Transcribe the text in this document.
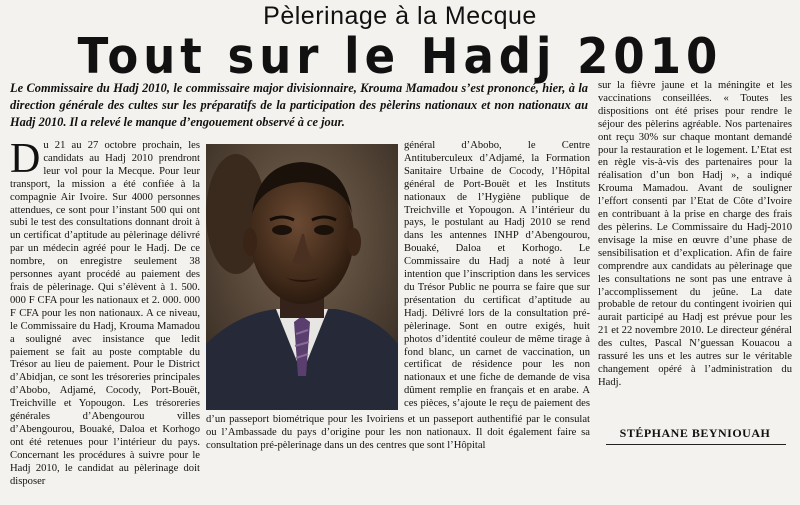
Pèlerinage à la Mecque
Tout sur le Hadj 2010
Le Commissaire du Hadj 2010, le commissaire major divisionnaire, Krouma Mamadou s’est prononcé, hier, à la direction générale des cultes sur les préparatifs de la participation des pèlerins nationaux et non nationaux au Hadj 2010. Il a relevé le manque d’engouement observé à ce jour.
Du 21 au 27 octobre prochain, les candidats au Hadj 2010 prendront leur vol pour la Mecque. Pour leur transport, la mission a été confiée à la compagnie Air Ivoire. Sur 4000 personnes attendues, ce sont pour l’instant 500 qui ont subi le test des consultations donnant droit à un certificat d’aptitude au pèlerinage délivré par un médecin agréé pour le Hadj. De ce nombre, on enregistre seulement 38 personnes ayant procédé au paiement des frais de pèlerinage. Qui s’élèvent à 1. 500. 000 F CFA pour les nationaux et 2. 000. 000 F CFA pour les non nationaux. A ce niveau, le Commissaire du Hadj, Krouma Mamadou a souligné avec insistance que ledit paiement se fait au poste comptable du Trésor au lieu de paiement. Pour le District d’Abidjan, ce sont les trésoreries principales d’Abobo, Adjamé, Cocody, Port-Bouët, Treichville et Yopougon. Les trésoreries générales d’Abengourou villes d’Abengourou, Bouaké, Daloa et Korhogo ont été retenues pour l’intérieur du pays. Concernant les procédures à suivre pour le Hadj 2010, le candidat au pèlerinage doit disposer
général d’Abobo, le Centre Antituberculeux d’Adjamé, la Formation Sanitaire Urbaine de Cocody, l’Hôpital général de Port-Bouët et les Instituts nationaux de l’Hygiène publique de Treichville et Yopougon. A l’intérieur du pays, le postulant au Hadj 2010 se rend dans les antennes INHP d’Abengourou, Bouaké, Daloa et Korhogo. Le Commissaire du Hadj a noté à leur intention que l’inscription dans les services du Trésor Public ne pourra se faire que sur présentation du certificat d’aptitude au Hadj. Délivré lors de la consultation pré-pèlerinage. Sont en outre exigés, huit photos d’identité couleur de même tirage à fond blanc, un carnet de vaccination, un certificat de résidence pour les non nationaux et une fiche de demande de visa dûment remplie en français et en arabe. A ces pièces, s’ajoute le reçu de paiement des
d’un passeport biométrique pour les Ivoiriens et un passeport authentifié par le consulat ou l’Ambassade du pays d’origine pour les non nationaux. Il doit également faire sa consultation pré-pèlerinage dans un des centres que sont l’Hôpital
sur la fièvre jaune et la méningite et les vaccinations conseillées. « Toutes les dispositions ont été prises pour rendre le séjour des pèlerins agréable. Nos partenaires ont reçu 30% sur chaque montant demandé pour la restauration et le logement. L’Etat est en règle vis-à-vis des partenaires pour la réalisation d’un bon Hadj », a indiqué Krouma Mamadou. Avant de souligner l’effort consenti par l’Etat de Côte d’Ivoire en contribuant à la prise en charge des frais des pèlerins. Le Commissaire du Hadj-2010 envisage la mise en œuvre d’une phase de sensibilisation et d’explication. Afin de faire comprendre aux candidats au pèlerinage que les consultations ne sont pas une entrave à l’accomplissement du jeûne. La date probable de retour du contingent ivoirien qui aurait participé au Hadj est prévue pour les 21 et 22 novembre 2010. Le directeur général des cultes, Pascal N’guessan Kouacou a rassuré les uns et les autres sur le véritable changement opéré à l’administration du Hadj.
STÉPHANE BEYNIOUAH
